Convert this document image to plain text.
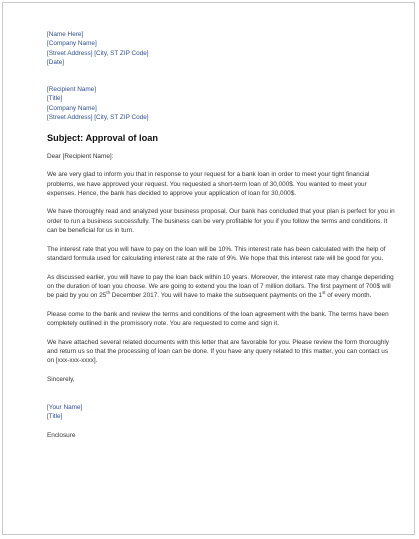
[Name Here]
[Company Name]
[Street Address] [City, ST ZIP Code]
[Date]
[Recipient Name]
[Title]
[Company Name]
[Street Address] [City, ST ZIP Code]
Subject: Approval of loan

Dear [Recipient Name]:

We are very glad to inform you that in response to your request for a bank loan in order to meet your tight financial problems, we have approved your request. You requested a short-term loan of 30,000$. You wanted to meet your expenses. Hence, the bank has decided to approve your application of loan for 30,000$.

We have thoroughly read and analyzed your business proposal. Our bank has concluded that your plan is perfect for you in order to run a business successfully. The business can be very profitable for you if you follow the terms and conditions. It can be beneficial for us in turn.

The interest rate that you will have to pay on the loan will be 10%. This interest rate has been calculated with the help of standard formula used for calculating interest rate at the rate of 9%. We hope that this interest rate will be good for you.

As discussed earlier, you will have to pay the loan back within 10 years. Moreover, the interest rate may change depending on the duration of loan you choose. We are going to extend you the loan of 7 million dollars. The first payment of 700$ will be paid by you on 25th December 2017. You will have to make the subsequent payments on the 1st of every month.

Please come to the bank and review the terms and conditions of the loan agreement with the bank. The terms have been completely outlined in the promissory note. You are requested to come and sign it.

We have attached several related documents with this letter that are favorable for you. Please review the form thoroughly and return us so that the processing of loan can be done. If you have any query related to this matter, you can contact us on [xxx-xxx-xxxx].

Sincerely,

[Your Name]
[Title]
Enclosure
